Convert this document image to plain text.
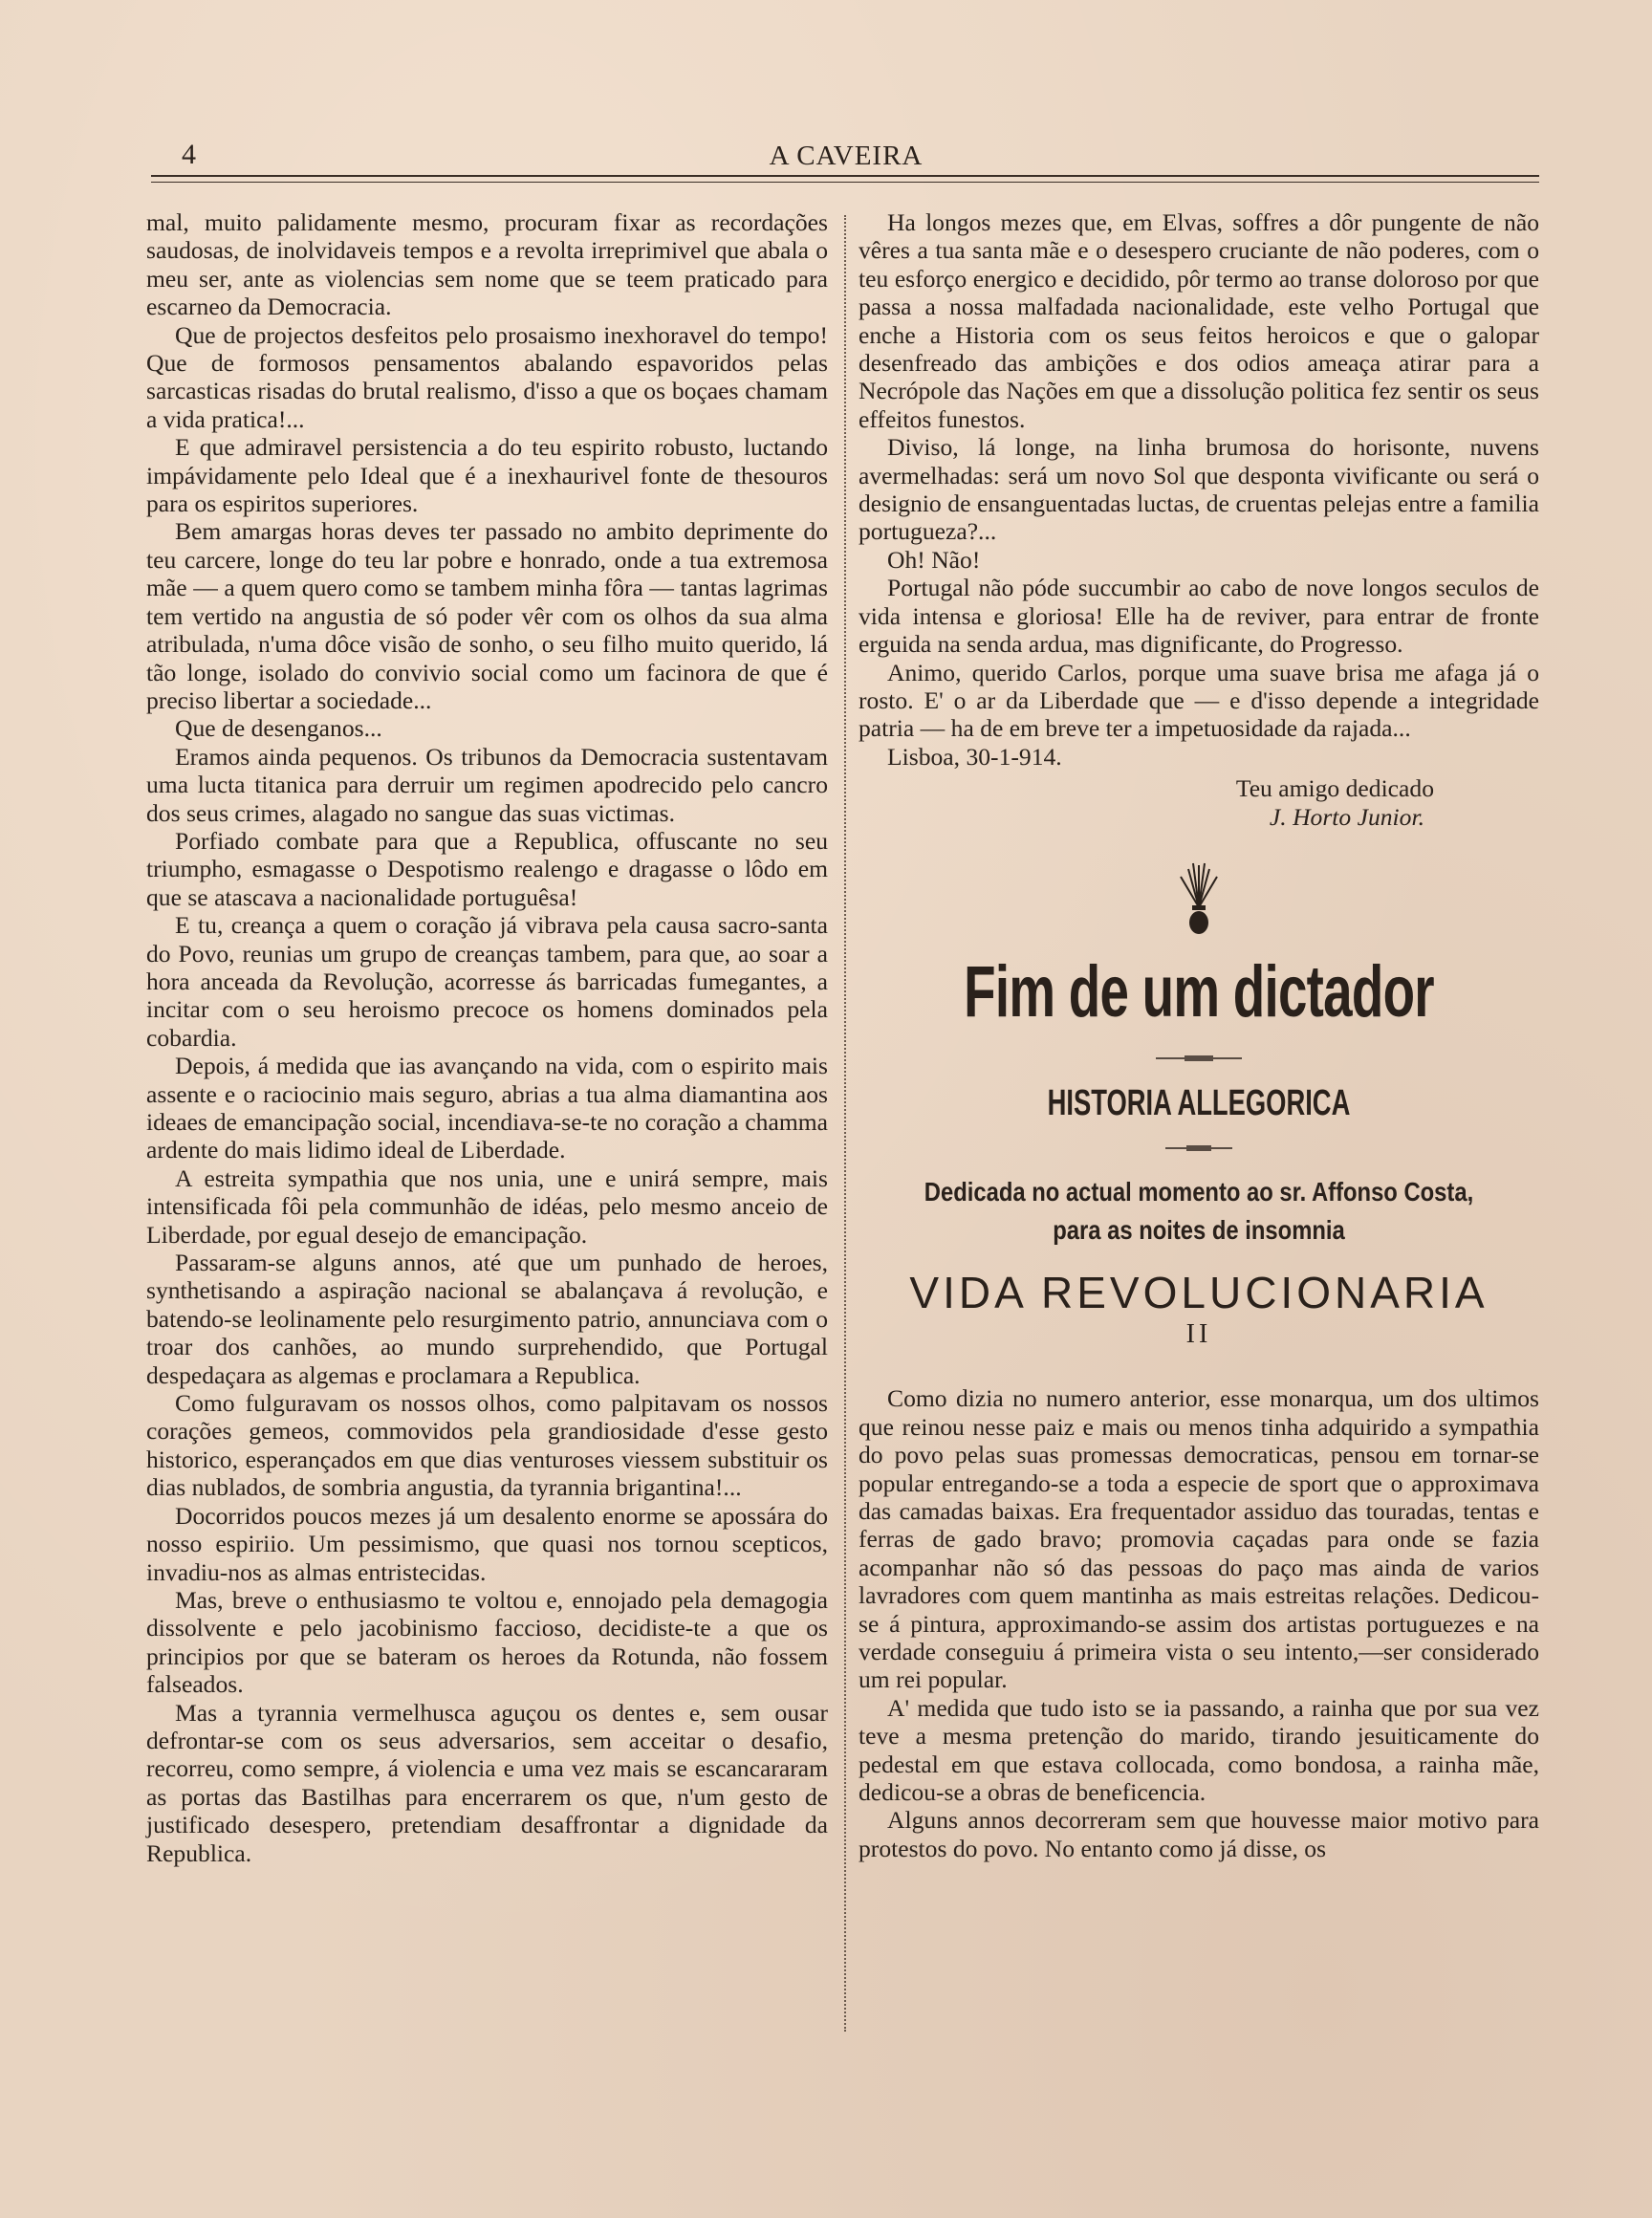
4	A CAVEIRA

mal, muito palidamente mesmo, procuram fixar as recordações saudosas, de inolvidaveis tempos e a revolta irreprimivel que abala o meu ser, ante as violencias sem nome que se teem praticado para escarneo da Democracia.

Que de projectos desfeitos pelo prosaismo inexhoravel do tempo! Que de formosos pensamentos abalando espavoridos pelas sarcasticas risadas do brutal realismo, d'isso a que os boçaes chamam a vida pratica!...

E que admiravel persistencia a do teu espirito robusto, luctando impávidamente pelo Ideal que é a inexhaurivel fonte de thesouros para os espiritos superiores.

Bem amargas horas deves ter passado no ambito deprimente do teu carcere, longe do teu lar pobre e honrado, onde a tua extremosa mãe — a quem quero como se tambem minha fôra — tantas lagrimas tem vertido na angustia de só poder vêr com os olhos da sua alma atribulada, n'uma dôce visão de sonho, o seu filho muito querido, lá tão longe, isolado do convivio social como um facinora de que é preciso libertar a sociedade...

Que de desenganos...

Eramos ainda pequenos. Os tribunos da Democracia sustentavam uma lucta titanica para derruir um regimen apodrecido pelo cancro dos seus crimes, alagado no sangue das suas victimas.

Porfiado combate para que a Republica, offuscante no seu triumpho, esmagasse o Despotismo realengo e dragasse o lôdo em que se atascava a nacionalidade portuguêsa!

E tu, creança a quem o coração já vibrava pela causa sacro-santa do Povo, reunias um grupo de creanças tambem, para que, ao soar a hora anceada da Revolução, acorresse ás barricadas fumegantes, a incitar com o seu heroismo precoce os homens dominados pela cobardia.

Depois, á medida que ias avançando na vida, com o espirito mais assente e o raciocinio mais seguro, abrias a tua alma diamantina aos ideaes de emancipação social, incendiava-se-te no coração a chamma ardente do mais lidimo ideal de Liberdade.

A estreita sympathia que nos unia, une e unirá sempre, mais intensificada fôi pela communhão de idéas, pelo mesmo anceio de Liberdade, por egual desejo de emancipação.

Passaram-se alguns annos, até que um punhado de heroes, synthetisando a aspiração nacional se abalançava á revolução, e batendo-se leolinamente pelo resurgimento patrio, annunciava com o troar dos canhões, ao mundo surprehendido, que Portugal despedaçara as algemas e proclamara a Republica.

Como fulguravam os nossos olhos, como palpitavam os nossos corações gemeos, commovidos pela grandiosidade d'esse gesto historico, esperançados em que dias venturoses viessem substituir os dias nublados, de sombria angustia, da tyrannia brigantina!...

Docorridos poucos mezes já um desalento enorme se apossára do nosso espiriio. Um pessimismo, que quasi nos tornou scepticos, invadiu-nos as almas entristecidas.

Mas, breve o enthusiasmo te voltou e, ennojado pela demagogia dissolvente e pelo jacobinismo faccioso, decidiste-te a que os principios por que se bateram os heroes da Rotunda, não fossem falseados.

Mas a tyrannia vermelhusca aguçou os dentes e, sem ousar defrontar-se com os seus adversarios, sem acceitar o desafio, recorreu, como sempre, á violencia e uma vez mais se escancararam as portas das Bastilhas para encerrarem os que, n'um gesto de justificado desespero, pretendiam desaffrontar a dignidade da Republica.

Ha longos mezes que, em Elvas, soffres a dôr pungente de não vêres a tua santa mãe e o desespero cruciante de não poderes, com o teu esforço energico e decidido, pôr termo ao transe doloroso por que passa a nossa malfadada nacionalidade, este velho Portugal que enche a Historia com os seus feitos heroicos e que o galopar desenfreado das ambições e dos odios ameaça atirar para a Necrópole das Nações em que a dissolução politica fez sentir os seus effeitos funestos.

Diviso, lá longe, na linha brumosa do horisonte, nuvens avermelhadas: será um novo Sol que desponta vivificante ou será o designio de ensanguentadas luctas, de cruentas pelejas entre a familia portugueza?...

Oh! Não!

Portugal não póde succumbir ao cabo de nove longos seculos de vida intensa e gloriosa! Elle ha de reviver, para entrar de fronte erguida na senda ardua, mas dignificante, do Progresso.

Animo, querido Carlos, porque uma suave brisa me afaga já o rosto. E' o ar da Liberdade que — e d'isso depende a integridade patria — ha de em breve ter a impetuosidade da rajada...

Lisboa, 30-1-914.

Teu amigo dedicado
J. Horto Junior.
Fim de um dictador
HISTORIA ALLEGORICA
Dedicada no actual momento ao sr. Affonso Costa, para as noites de insomnia
VIDA REVOLUCIONARIA
II

Como dizia no numero anterior, esse monarqua, um dos ultimos que reinou nesse paiz e mais ou menos tinha adquirido a sympathia do povo pelas suas promessas democraticas, pensou em tornar-se popular entregando-se a toda a especie de sport que o approximava das camadas baixas. Era frequentador assiduo das touradas, tentas e ferras de gado bravo; promovia caçadas para onde se fazia acompanhar não só das pessoas do paço mas ainda de varios lavradores com quem mantinha as mais estreitas relações. Dedicou-se á pintura, approximando-se assim dos artistas portuguezes e na verdade conseguiu á primeira vista o seu intento,—ser considerado um rei popular.

A' medida que tudo isto se ia passando, a rainha que por sua vez teve a mesma pretenção do marido, tirando jesuiticamente do pedestal em que estava collocada, como bondosa, a rainha mãe, dedicou-se a obras de beneficencia.

Alguns annos decorreram sem que houvesse maior motivo para protestos do povo. No entanto como já disse, os
